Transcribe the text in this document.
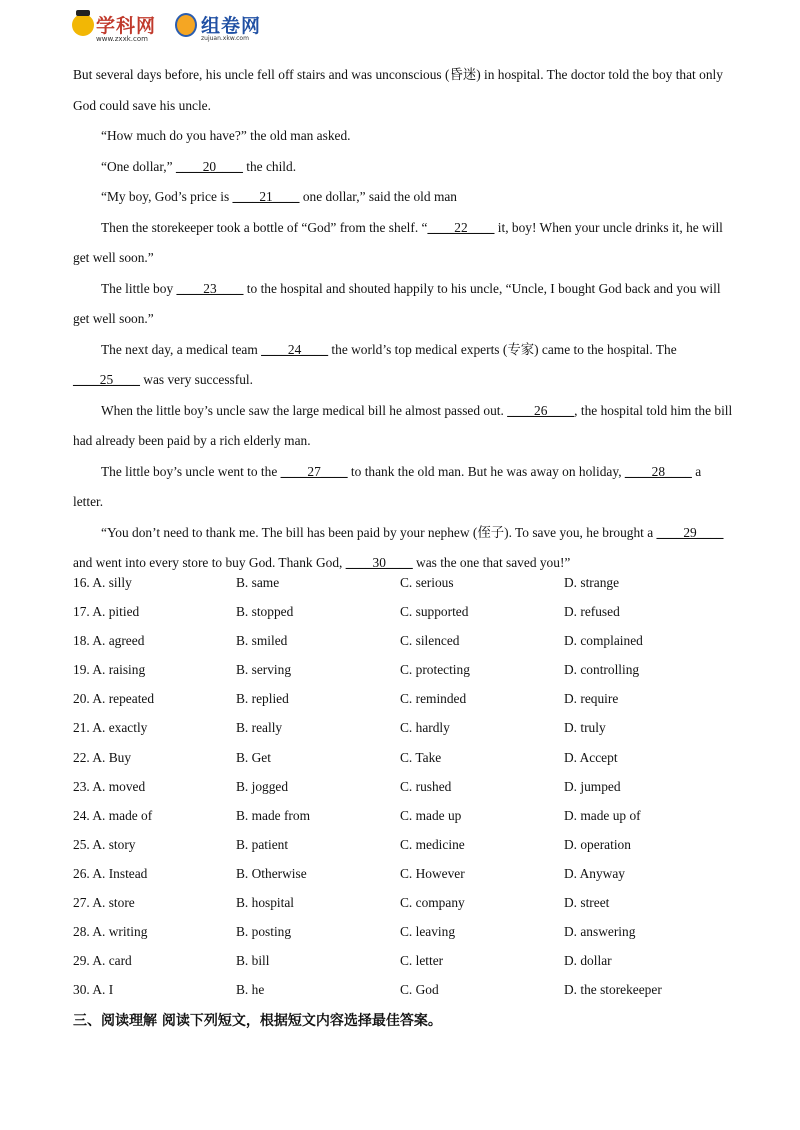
学科网
www.zxxk.com
组卷网
zujuan.xkw.com

But several days before, his uncle fell off stairs and was unconscious (昏迷) in hospital. The doctor told the boy that only God could save his uncle.

“How much do you have?” the old man asked.

“One dollar,” ____20____ the child.

“My boy, God’s price is ____21____ one dollar,” said the old man

Then the storekeeper took a bottle of “God” from the shelf. “____22____ it, boy! When your uncle drinks it, he will get well soon.”

The little boy ____23____ to the hospital and shouted happily to his uncle, “Uncle, I bought God back and you will get well soon.”

The next day, a medical team ____24____ the world’s top medical experts (专家) came to the hospital. The ____25____ was very successful.

When the little boy’s uncle saw the large medical bill he almost passed out. ____26____, the hospital told him the bill had already been paid by a rich elderly man.

The little boy’s uncle went to the ____27____ to thank the old man. But he was away on holiday, ____28____ a letter.

“You don’t need to thank me. The bill has been paid by your nephew (侄子). To save you, he brought a ____29____ and went into every store to buy God. Thank God, ____30____ was the one that saved you!”

16. A. silly	B. same	C. serious	D. strange
17. A. pitied	B. stopped	C. supported	D. refused
18. A. agreed	B. smiled	C. silenced	D. complained
19. A. raising	B. serving	C. protecting	D. controlling
20. A. repeated	B. replied	C. reminded	D. require
21. A. exactly	B. really	C. hardly	D. truly
22. A. Buy	B. Get	C. Take	D. Accept
23. A. moved	B. jogged	C. rushed	D. jumped
24. A. made of	B. made from	C. made up	D. made up of
25. A. story	B. patient	C. medicine	D. operation
26. A. Instead	B. Otherwise	C. However	D. Anyway
27. A. store	B. hospital	C. company	D. street
28. A. writing	B. posting	C. leaving	D. answering
29. A. card	B. bill	C. letter	D. dollar
30. A. I	B. he	C. God	D. the storekeeper
三、阅读理解 阅读下列短文，根据短文内容选择最佳答案。
